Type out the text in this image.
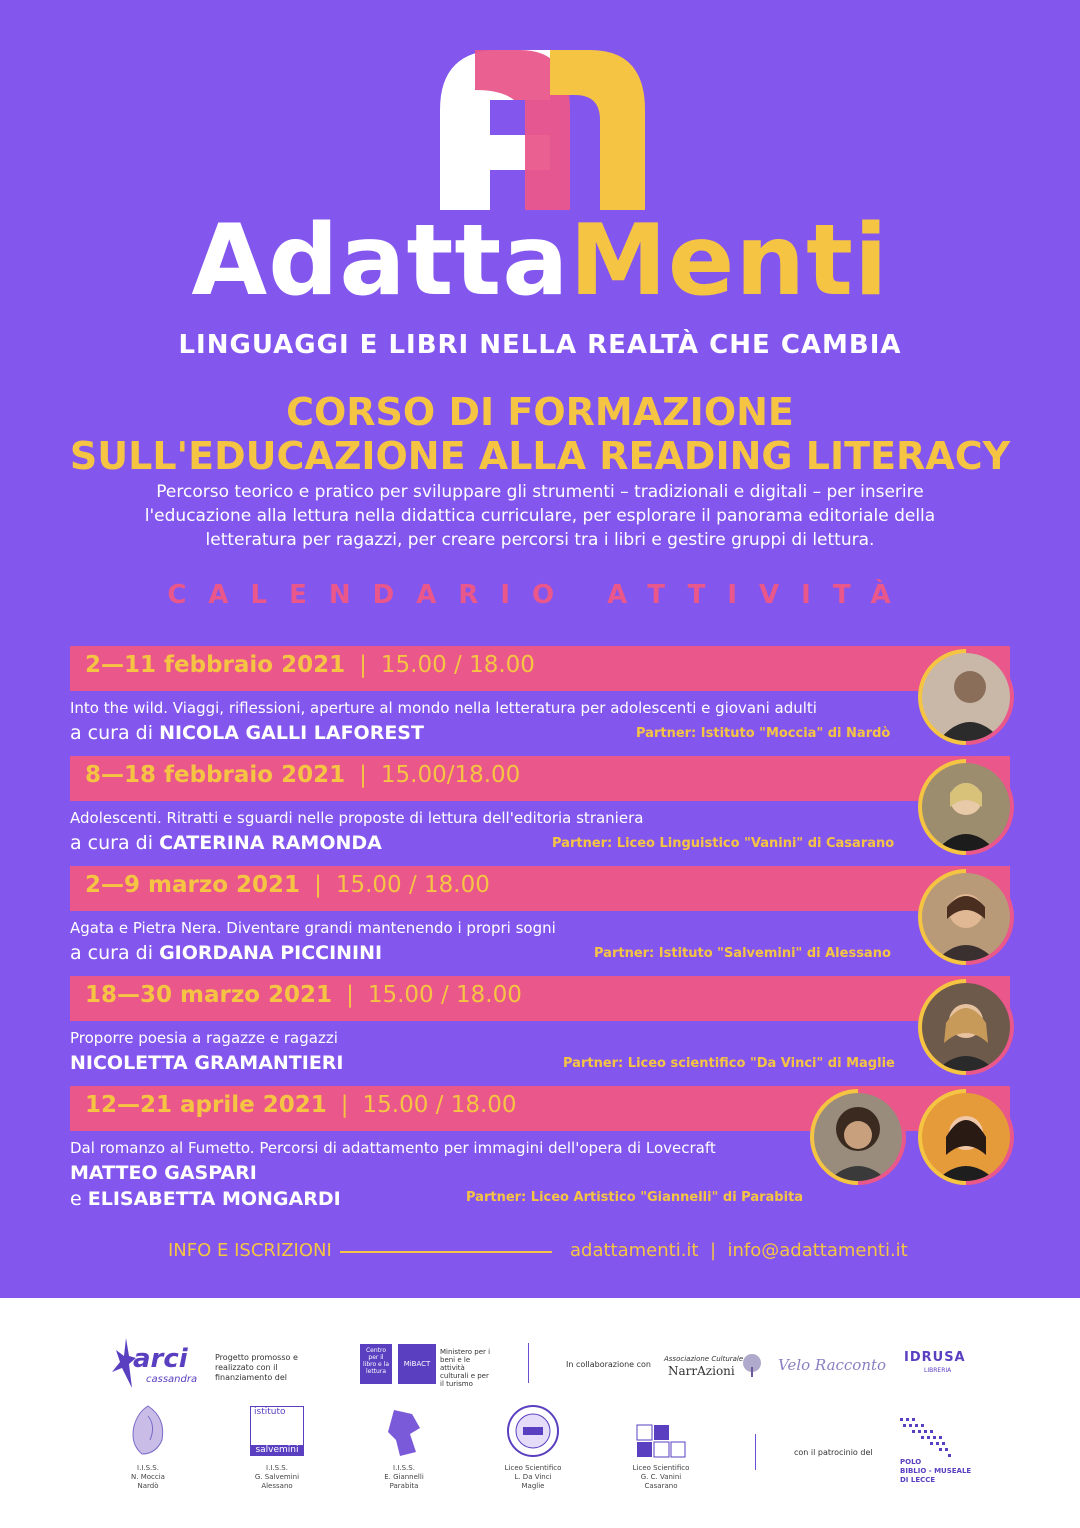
AdattaMenti
LINGUAGGI E LIBRI NELLA REALTÀ CHE CAMBIA
CORSO DI FORMAZIONE
SULL'EDUCAZIONE ALLA READING LITERACY
Percorso teorico e pratico per sviluppare gli strumenti – tradizionali e digitali – per inserire l'educazione alla lettura nella didattica curriculare, per esplorare il panorama editoriale della letteratura per ragazzi, per creare percorsi tra i libri e gestire gruppi di lettura.
CALENDARIO ATTIVITÀ
2—11 febbraio 2021 | 15.00 / 18.00
Into the wild. Viaggi, riflessioni, aperture al mondo nella letteratura per adolescenti e giovani adulti
a cura di NICOLA GALLI LAFOREST	Partner: Istituto "Moccia" di Nardò
8—18 febbraio 2021 | 15.00/18.00
Adolescenti. Ritratti e sguardi nelle proposte di lettura dell'editoria straniera
a cura di CATERINA RAMONDA	Partner: Liceo Linguistico "Vanini" di Casarano
2—9 marzo 2021 | 15.00 / 18.00
Agata e Pietra Nera. Diventare grandi mantenendo i propri sogni
a cura di GIORDANA PICCININI	Partner: Istituto "Salvemini" di Alessano
18—30 marzo 2021 | 15.00 / 18.00
Proporre poesia a ragazze e ragazzi
NICOLETTA GRAMANTIERI	Partner: Liceo scientifico "Da Vinci" di Maglie
12—21 aprile 2021 | 15.00 / 18.00
Dal romanzo al Fumetto. Percorsi di adattamento per immagini dell'opera di Lovecraft
MATTEO GASPARI
e ELISABETTA MONGARDI	Partner: Liceo Artistico "Giannelli" di Parabita
INFO E ISCRIZIONI	adattamenti.it | info@adattamenti.it
arci
cassandra
Progetto promosso e realizzato con il finanziamento del
Centro per il libro e la lettura
MiBACT
Ministero per i beni e le attività culturali e per il turismo
In collaborazione con
Associazione Culturale
NarrAzioni	Velo Racconto IDRUSA
LIBRERIA
I.I.S.S.
N. Moccia
Nardò
istituto
salvemini
I.I.S.S.
G. Salvemini
Alessano
I.I.S.S.
E. Giannelli
Parabita
Liceo Scientifico
L. Da Vinci
Maglie
Liceo Scientifico
G. C. Vanini
Casarano
con il patrocinio del
POLO
BIBLIO - MUSEALE
DI LECCE
